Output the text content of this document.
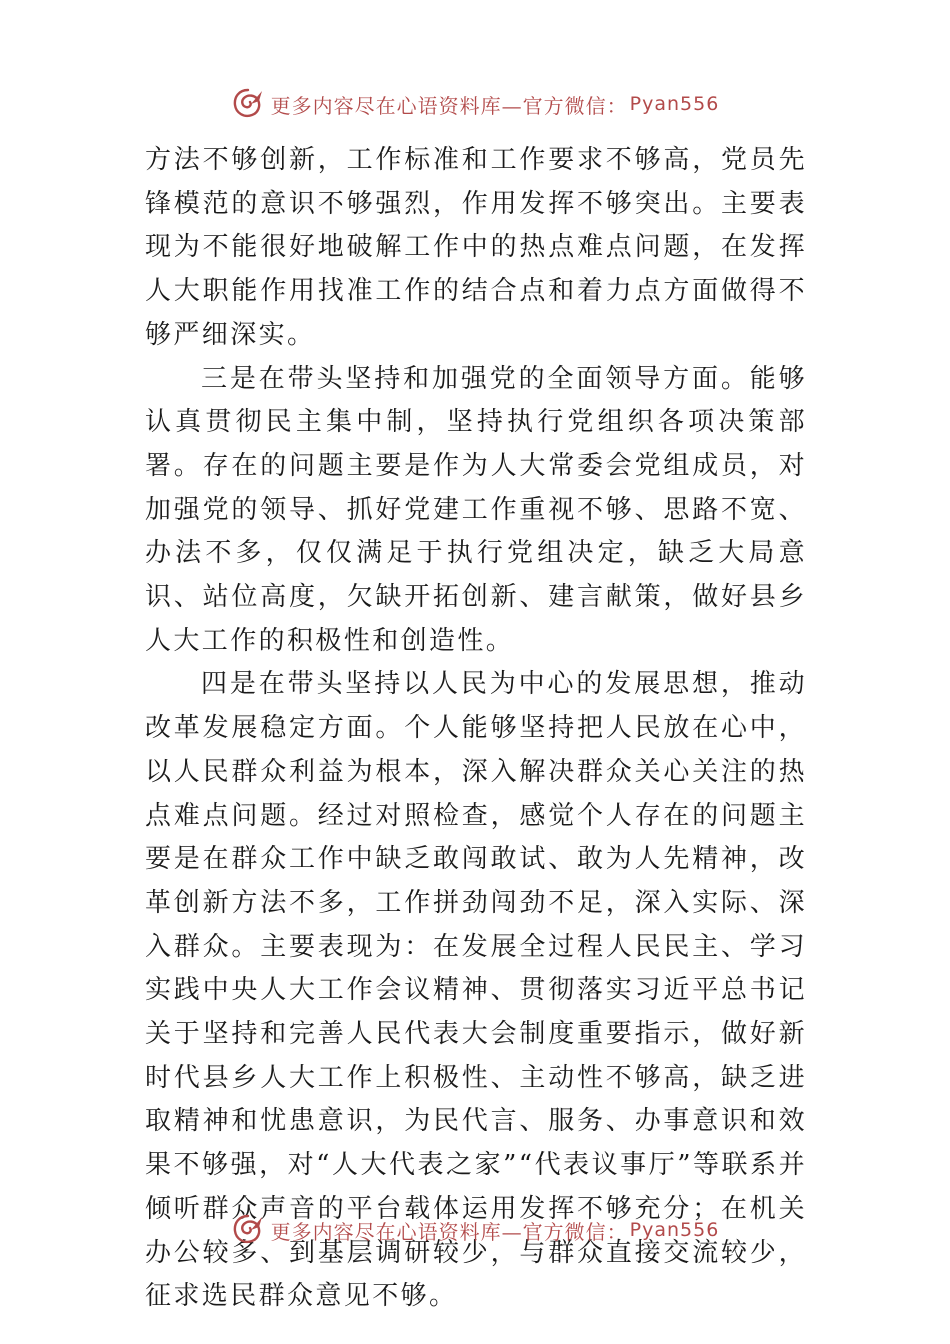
更多内容尽在心语资料库—官方微信： Pyan556

方法不够创新，工作标准和工作要求不够高，党员先锋模范的意识不够强烈，作用发挥不够突出。主要表现为不能很好地破解工作中的热点难点问题，在发挥人大职能作用找准工作的结合点和着力点方面做得不够严细深实。

三是在带头坚持和加强党的全面领导方面。能够认真贯彻民主集中制，坚持执行党组织各项决策部署。存在的问题主要是作为人大常委会党组成员，对加强党的领导、抓好党建工作重视不够、思路不宽、办法不多，仅仅满足于执行党组决定，缺乏大局意识、站位高度，欠缺开拓创新、建言献策，做好县乡人大工作的积极性和创造性。

四是在带头坚持以人民为中心的发展思想，推动改革发展稳定方面。个人能够坚持把人民放在心中，以人民群众利益为根本，深入解决群众关心关注的热点难点问题。经过对照检查，感觉个人存在的问题主要是在群众工作中缺乏敢闯敢试、敢为人先精神，改革创新方法不多，工作拼劲闯劲不足，深入实际、深入群众。主要表现为：在发展全过程人民民主、学习实践中央人大工作会议精神、贯彻落实习近平总书记关于坚持和完善人民代表大会制度重要指示，做好新时代县乡人大工作上积极性、主动性不够高，缺乏进取精神和忧患意识，为民代言、服务、办事意识和效果不够强，对“人大代表之家”“代表议事厅”等联系并倾听群众声音的平台载体运用发挥不够充分；在机关办公较多、到基层调研较少，与群众直接交流较少，征求选民群众意见不够。

更多内容尽在心语资料库—官方微信： Pyan556
